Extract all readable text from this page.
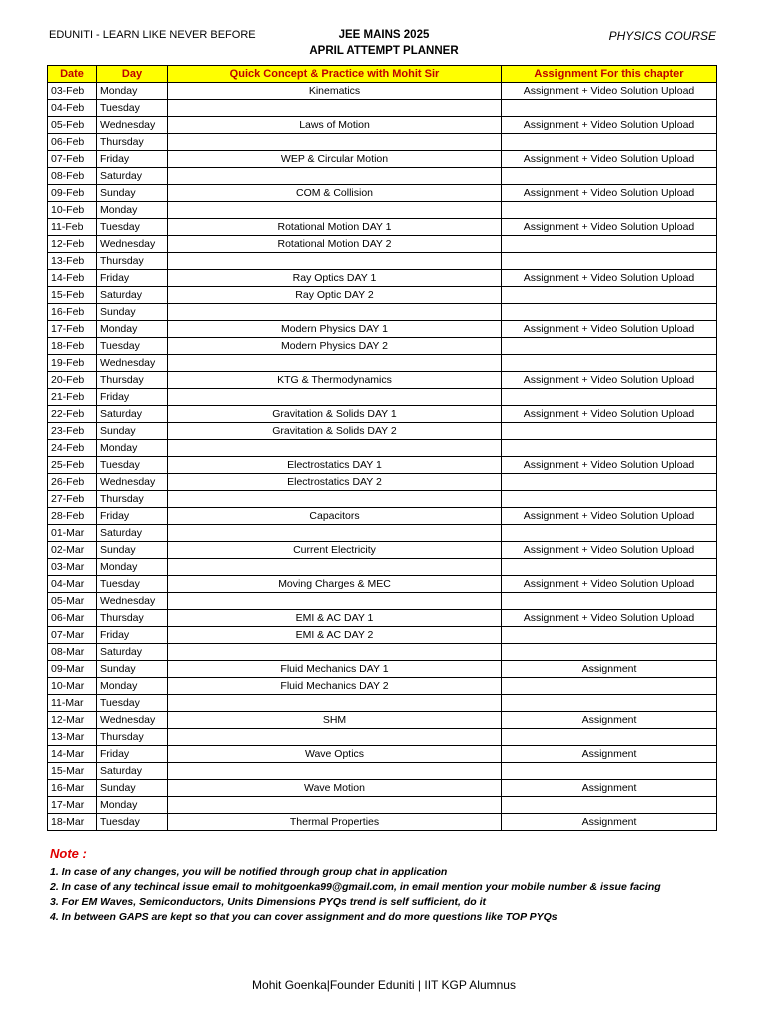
EDUNITI - LEARN LIKE NEVER BEFORE	JEE MAINS 2025
APRIL ATTEMPT PLANNER
PHYSICS COURSE
Date	Day	Quick Concept & Practice with Mohit Sir	Assignment For this chapter
03-Feb	Monday	Kinematics	Assignment + Video Solution Upload
04-Feb	Tuesday		
05-Feb	Wednesday	Laws of Motion	Assignment + Video Solution Upload
06-Feb	Thursday		
07-Feb	Friday	WEP & Circular Motion	Assignment + Video Solution Upload
08-Feb	Saturday		
09-Feb	Sunday	COM & Collision	Assignment + Video Solution Upload
10-Feb	Monday		
11-Feb	Tuesday	Rotational Motion DAY 1	Assignment + Video Solution Upload
12-Feb	Wednesday	Rotational Motion DAY 2	
13-Feb	Thursday		
14-Feb	Friday	Ray Optics DAY 1	Assignment + Video Solution Upload
15-Feb	Saturday	Ray Optic DAY 2	
16-Feb	Sunday		
17-Feb	Monday	Modern Physics DAY 1	Assignment + Video Solution Upload
18-Feb	Tuesday	Modern Physics DAY 2	
19-Feb	Wednesday		
20-Feb	Thursday	KTG & Thermodynamics	Assignment + Video Solution Upload
21-Feb	Friday		
22-Feb	Saturday	Gravitation & Solids DAY 1	Assignment + Video Solution Upload
23-Feb	Sunday	Gravitation & Solids DAY 2	
24-Feb	Monday		
25-Feb	Tuesday	Electrostatics DAY 1	Assignment + Video Solution Upload
26-Feb	Wednesday	Electrostatics DAY 2	
27-Feb	Thursday		
28-Feb	Friday	Capacitors	Assignment + Video Solution Upload
01-Mar	Saturday		
02-Mar	Sunday	Current Electricity	Assignment + Video Solution Upload
03-Mar	Monday		
04-Mar	Tuesday	Moving Charges & MEC	Assignment + Video Solution Upload
05-Mar	Wednesday		
06-Mar	Thursday	EMI & AC DAY 1	Assignment + Video Solution Upload
07-Mar	Friday	EMI & AC DAY 2	
08-Mar	Saturday		
09-Mar	Sunday	Fluid Mechanics DAY 1	Assignment
10-Mar	Monday	Fluid Mechanics DAY 2	
11-Mar	Tuesday		
12-Mar	Wednesday	SHM	Assignment
13-Mar	Thursday		
14-Mar	Friday	Wave Optics	Assignment
15-Mar	Saturday		
16-Mar	Sunday	Wave Motion	Assignment
17-Mar	Monday		
18-Mar	Tuesday	Thermal Properties	Assignment
Note :
1. In case of any changes, you will be notified through group chat in application
2. In case of any techincal issue email to mohitgoenka99@gmail.com, in email mention your mobile number & issue facing
3. For EM Waves, Semiconductors, Units Dimensions PYQs trend is self sufficient, do it
4. In between GAPS are kept so that you can cover assignment and do more questions like TOP PYQs
Mohit Goenka|Founder Eduniti | IIT KGP Alumnus
